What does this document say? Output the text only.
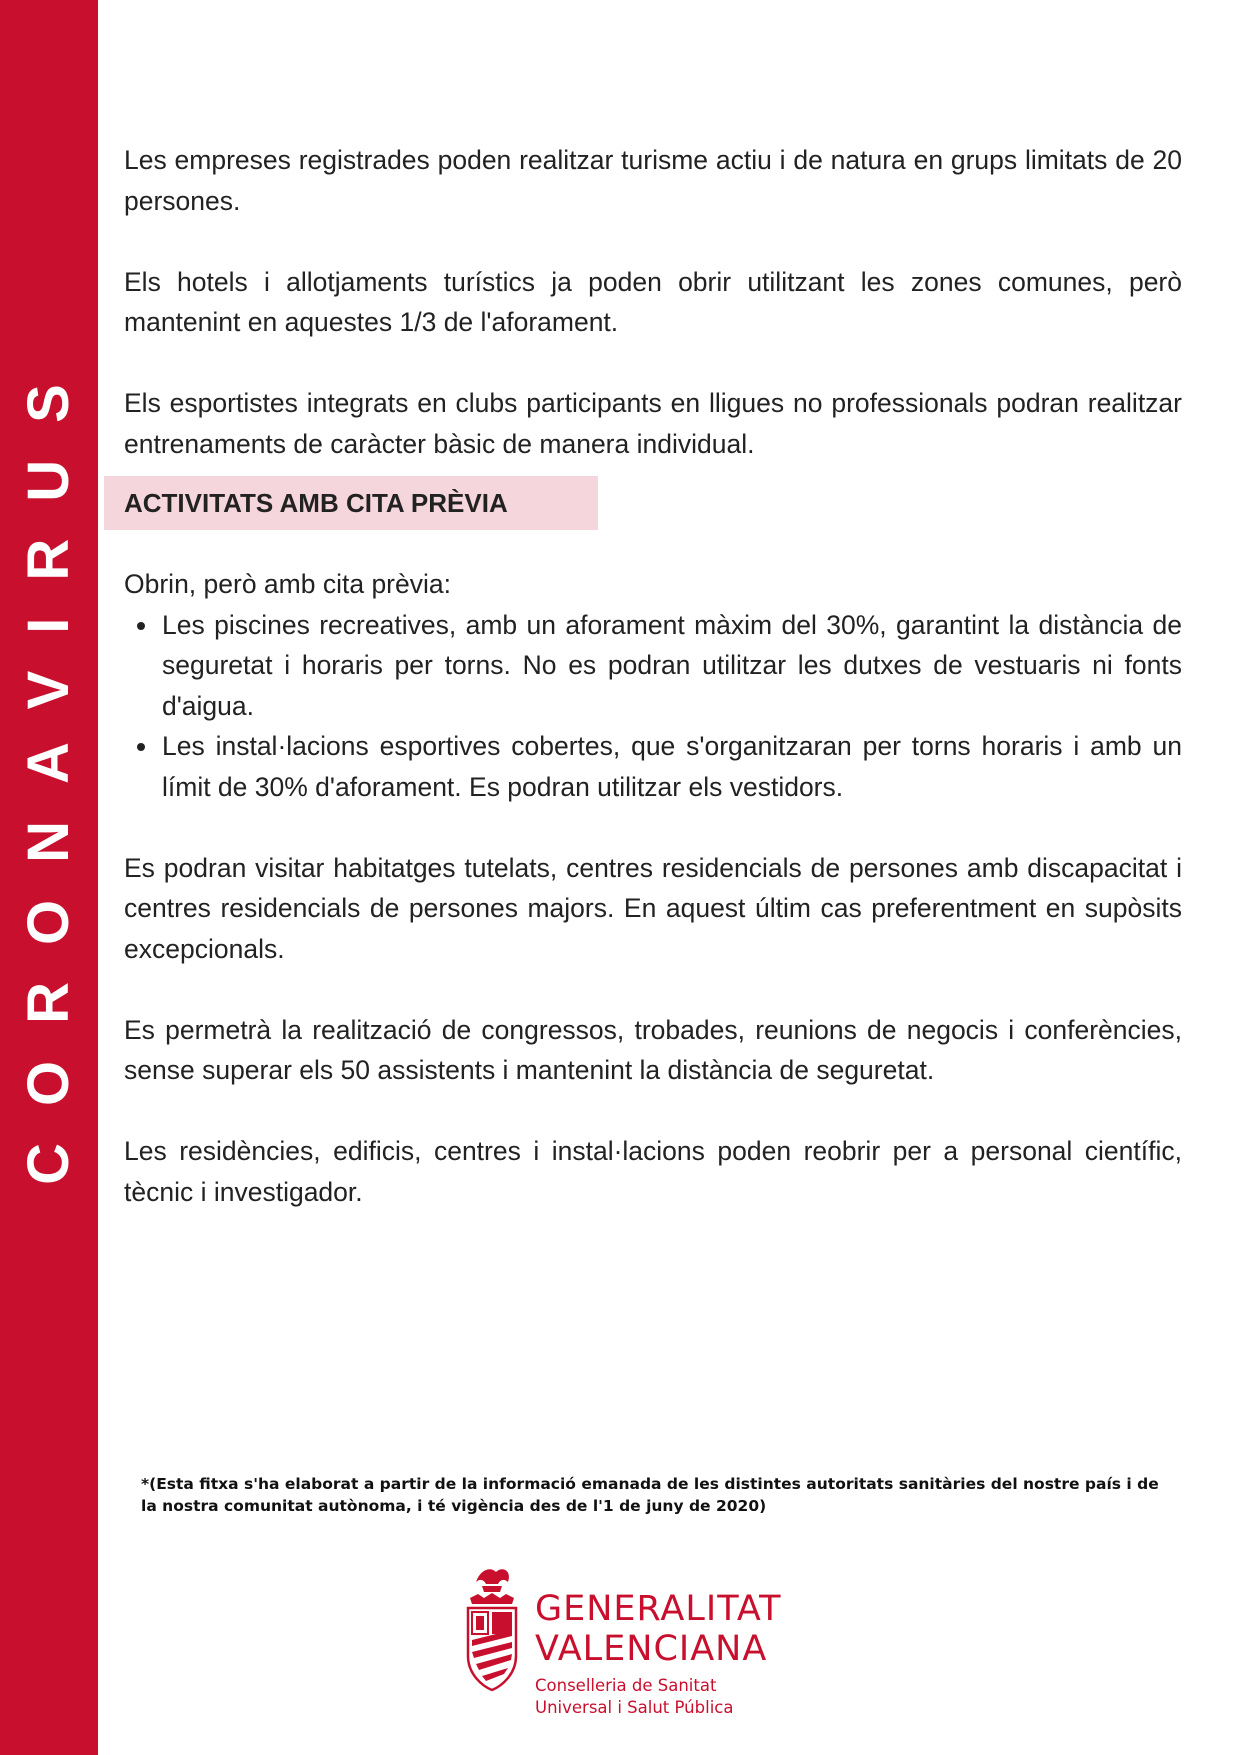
CORONAVIRUS

Les empreses registrades poden realitzar turisme actiu i de natura en grups limitats de 20 persones.

Els hotels i allotjaments turístics ja poden obrir utilitzant les zones comunes, però mantenint en aquestes 1/3 de l'aforament.

Els esportistes integrats en clubs participants en lligues no professionals podran realitzar entrenaments de caràcter bàsic de manera individual.

ACTIVITATS AMB CITA PRÈVIA

Obrin, però amb cita prèvia:

• Les piscines recreatives, amb un aforament màxim del 30%, garantint la distància de seguretat i horaris per torns. No es podran utilitzar les dutxes de vestuaris ni fonts d'aigua.
• Les instal·lacions esportives cobertes, que s'organitzaran per torns horaris i amb un límit de 30% d'aforament. Es podran utilitzar els vestidors.

Es podran visitar habitatges tutelats, centres residencials de persones amb discapacitat i centres residencials de persones majors. En aquest últim cas preferentment en supòsits excepcionals.

Es permetrà la realització de congressos, trobades, reunions de negocis i conferències, sense superar els 50 assistents i mantenint la distància de seguretat.

Les residències, edificis, centres i instal·lacions poden reobrir per a personal científic, tècnic i investigador.

*(Esta fitxa s'ha elaborat a partir de la informació emanada de les distintes autoritats sanitàries del nostre país i de la nostra comunitat autònoma, i té vigència des de l'1 de juny de 2020)
GENERALITAT
VALENCIANA
Conselleria de Sanitat
Universal i Salut Pública
